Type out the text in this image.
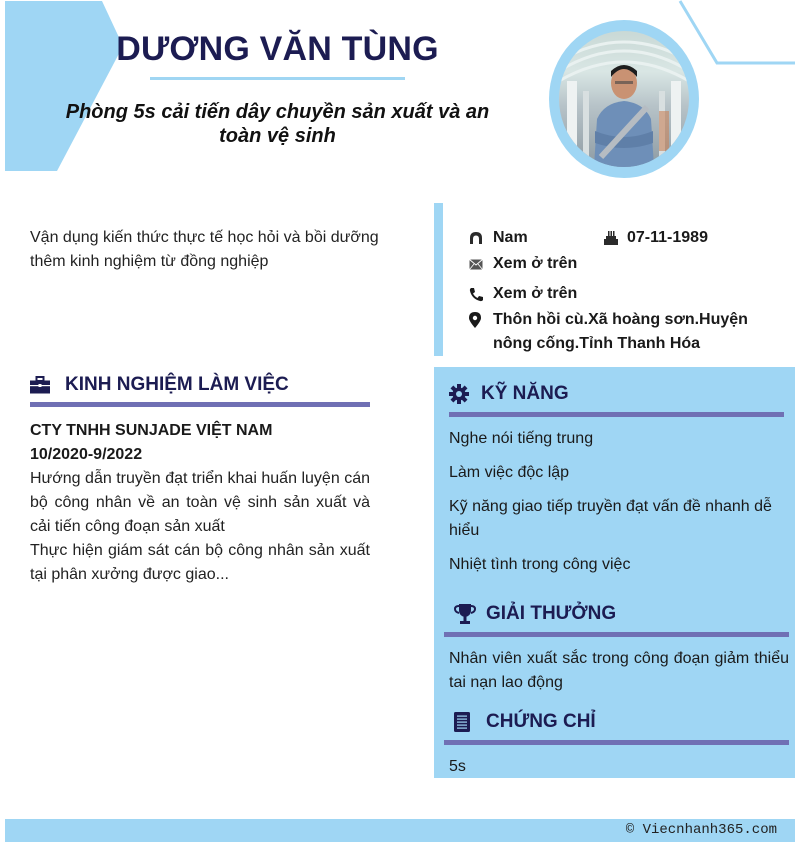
DƯƠNG VĂN TÙNG
Phòng 5s cải tiến dây chuyền sản xuất và an toàn vệ sinh
Vận dụng kiến thức thực tế học hỏi và bồi dưỡng thêm kinh nghiệm từ đồng nghiệp
Nam	07-11-1989
Xem ở trên
Xem ở trên
Thôn hồi cù.Xã hoàng sơn.Huyện nông cống.Tỉnh Thanh Hóa
KINH NGHIỆM LÀM VIỆC
CTY TNHH SUNJADE VIỆT NAM
10/2020-9/2022
Hướng dẫn truyền đạt triển khai huấn luyện cán bộ công nhân về an toàn vệ sinh sản xuất và cải tiến công đoạn sản xuất
Thực hiện giám sát cán bộ công nhân sản xuất tại phân xưởng được giao...
KỸ NĂNG
Nghe nói tiếng trung
Làm việc độc lập
Kỹ năng giao tiếp truyền đạt vấn đề nhanh dễ hiểu
Nhiệt tình trong công việc
GIẢI THƯỞNG
Nhân viên xuất sắc trong công đoạn giảm thiểu tai nạn lao động
CHỨNG CHỈ
5s
© Viecnhanh365.com
